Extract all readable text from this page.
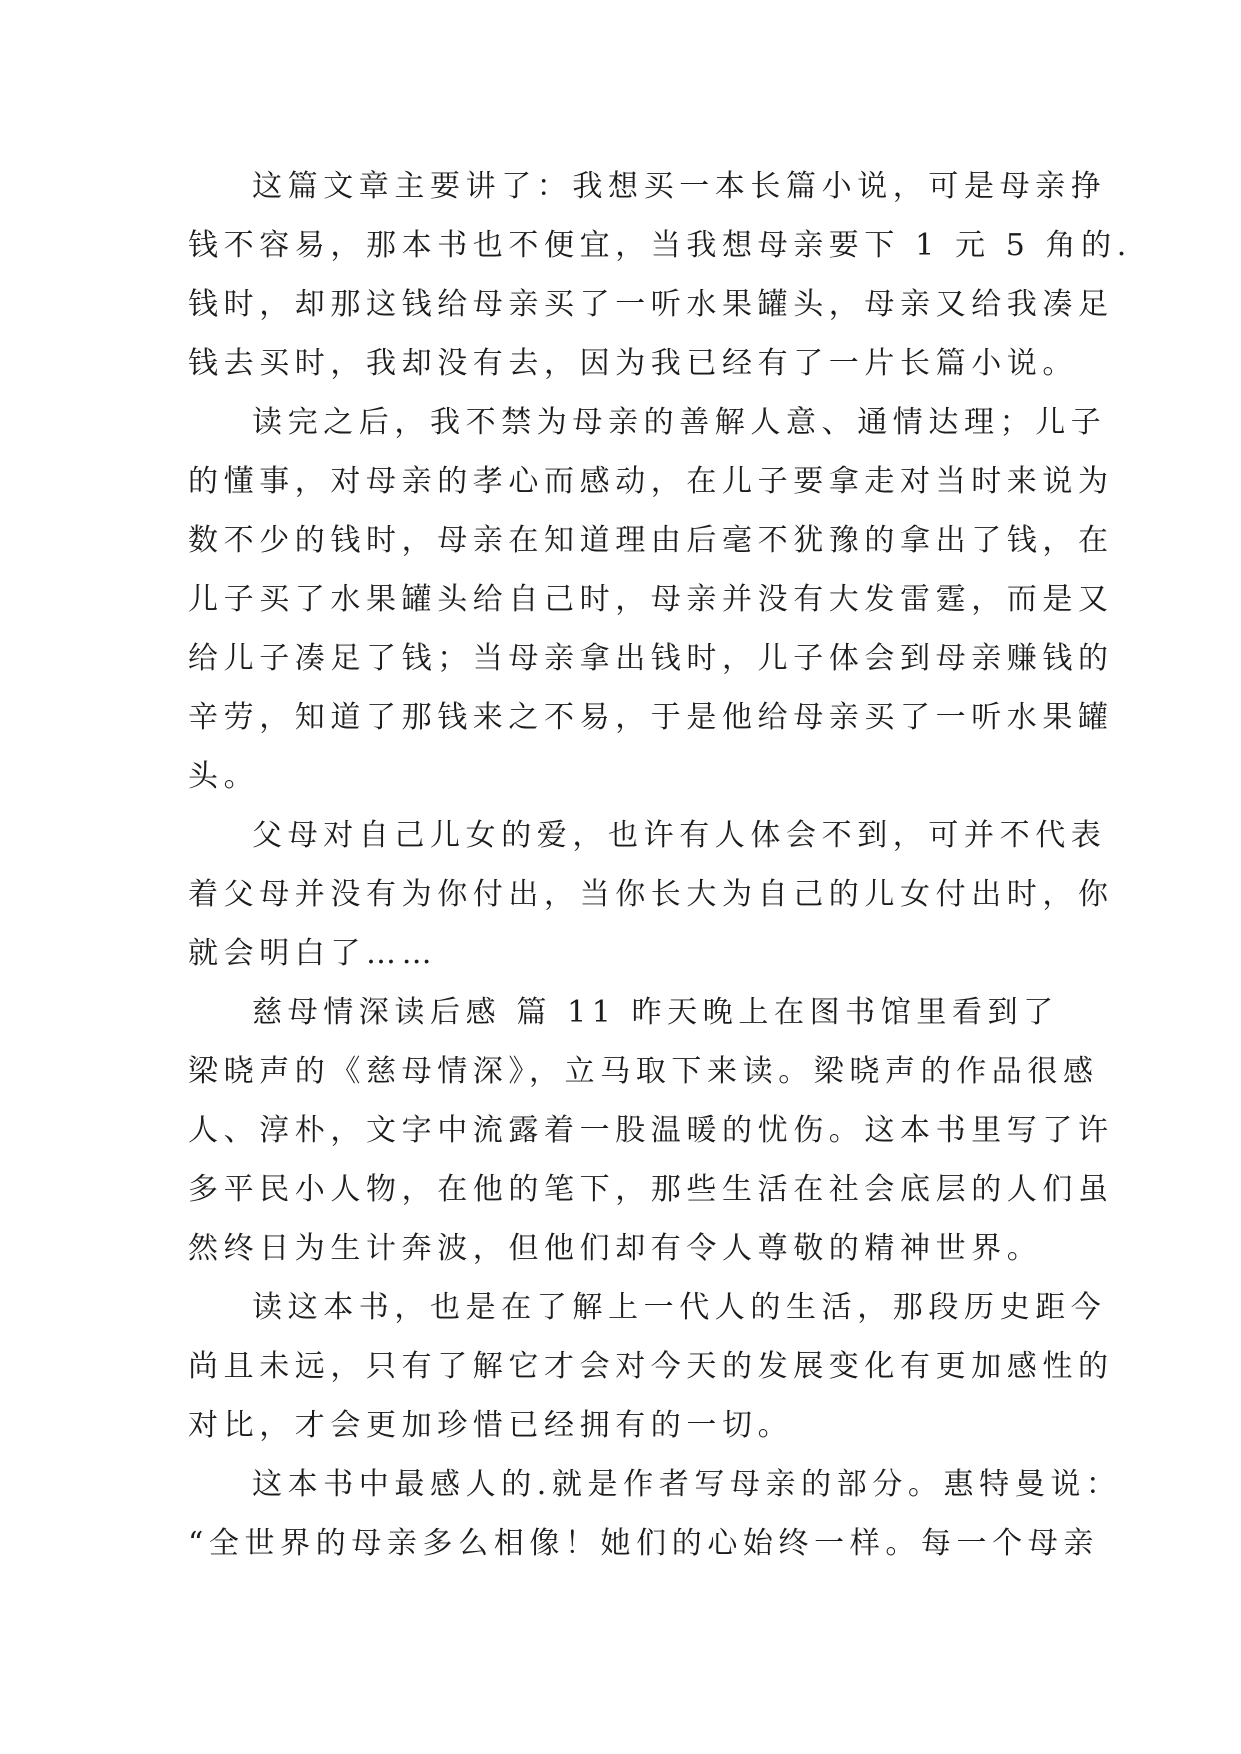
这篇文章主要讲了：我想买一本长篇小说，可是母亲挣
钱不容易，那本书也不便宜，当我想母亲要下 1 元 5 角的.
钱时，却那这钱给母亲买了一听水果罐头，母亲又给我凑足
钱去买时，我却没有去，因为我已经有了一片长篇小说。
读完之后，我不禁为母亲的善解人意、通情达理；儿子
的懂事，对母亲的孝心而感动，在儿子要拿走对当时来说为
数不少的钱时，母亲在知道理由后毫不犹豫的拿出了钱，在
儿子买了水果罐头给自己时，母亲并没有大发雷霆，而是又
给儿子凑足了钱；当母亲拿出钱时，儿子体会到母亲赚钱的
辛劳，知道了那钱来之不易，于是他给母亲买了一听水果罐
头。
父母对自己儿女的爱，也许有人体会不到，可并不代表
着父母并没有为你付出，当你长大为自己的儿女付出时，你
就会明白了……
慈母情深读后感 篇 11 昨天晚上在图书馆里看到了
梁晓声的《慈母情深》，立马取下来读。梁晓声的作品很感
人、淳朴，文字中流露着一股温暖的忧伤。这本书里写了许
多平民小人物，在他的笔下，那些生活在社会底层的人们虽
然终日为生计奔波，但他们却有令人尊敬的精神世界。
读这本书，也是在了解上一代人的生活，那段历史距今
尚且未远，只有了解它才会对今天的发展变化有更加感性的
对比，才会更加珍惜已经拥有的一切。
这本书中最感人的.就是作者写母亲的部分。惠特曼说：
“全世界的母亲多么相像！她们的心始终一样。每一个母亲
